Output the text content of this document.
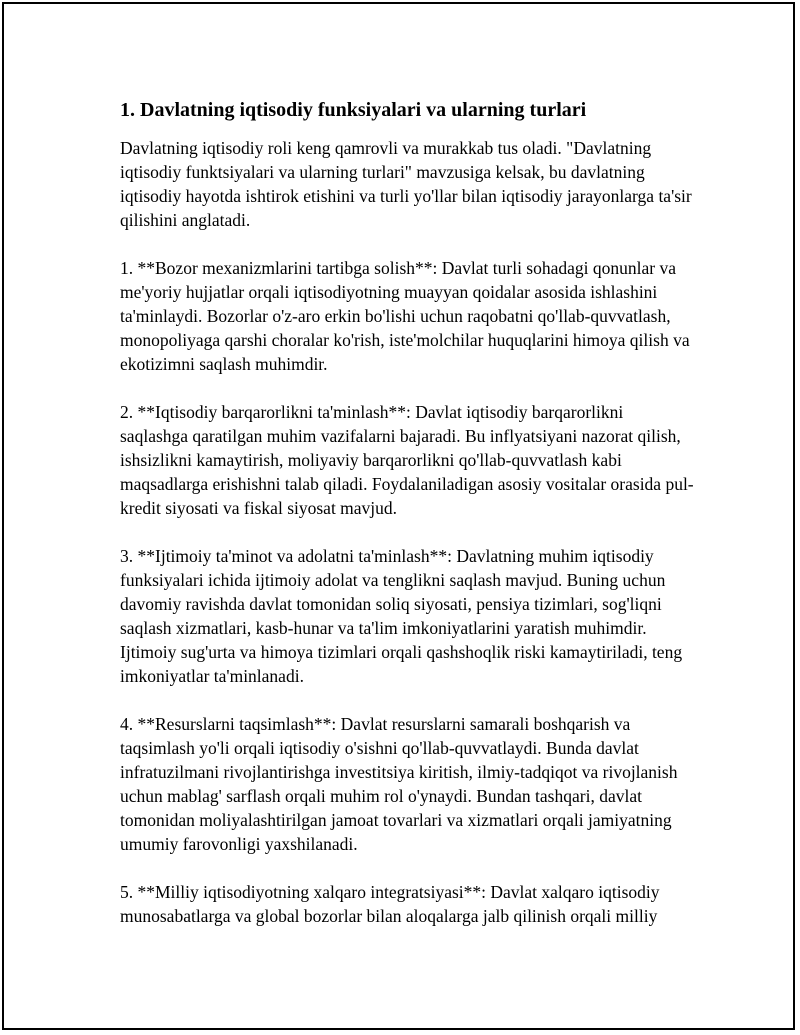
1. Davlatning iqtisodiy funksiyalari va ularning turlari

Davlatning iqtisodiy roli keng qamrovli va murakkab tus oladi. "Davlatning iqtisodiy funktsiyalari va ularning turlari" mavzusiga kelsak, bu davlatning iqtisodiy hayotda ishtirok etishini va turli yo'llar bilan iqtisodiy jarayonlarga ta'sir qilishini anglatadi.

1. **Bozor mexanizmlarini tartibga solish**: Davlat turli sohadagi qonunlar va me'yoriy hujjatlar orqali iqtisodiyotning muayyan qoidalar asosida ishlashini ta'minlaydi. Bozorlar o'z-aro erkin bo'lishi uchun raqobatni qo'llab-quvvatlash, monopoliyaga qarshi choralar ko'rish, iste'molchilar huquqlarini himoya qilish va ekotizimni saqlash muhimdir.

2. **Iqtisodiy barqarorlikni ta'minlash**: Davlat iqtisodiy barqarorlikni saqlashga qaratilgan muhim vazifalarni bajaradi. Bu inflyatsiyani nazorat qilish, ishsizlikni kamaytirish, moliyaviy barqarorlikni qo'llab-quvvatlash kabi maqsadlarga erishishni talab qiladi. Foydalaniladigan asosiy vositalar orasida pul-kredit siyosati va fiskal siyosat mavjud.

3. **Ijtimoiy ta'minot va adolatni ta'minlash**: Davlatning muhim iqtisodiy funksiyalari ichida ijtimoiy adolat va tenglikni saqlash mavjud. Buning uchun davomiy ravishda davlat tomonidan soliq siyosati, pensiya tizimlari, sog'liqni saqlash xizmatlari, kasb-hunar va ta'lim imkoniyatlarini yaratish muhimdir. Ijtimoiy sug'urta va himoya tizimlari orqali qashshoqlik riski kamaytiriladi, teng imkoniyatlar ta'minlanadi.

4. **Resurslarni taqsimlash**: Davlat resurslarni samarali boshqarish va taqsimlash yo'li orqali iqtisodiy o'sishni qo'llab-quvvatlaydi. Bunda davlat infratuzilmani rivojlantirishga investitsiya kiritish, ilmiy-tadqiqot va rivojlanish uchun mablag' sarflash orqali muhim rol o'ynaydi. Bundan tashqari, davlat tomonidan moliyalashtirilgan jamoat tovarlari va xizmatlari orqali jamiyatning umumiy farovonligi yaxshilanadi.

5. **Milliy iqtisodiyotning xalqaro integratsiyasi**: Davlat xalqaro iqtisodiy munosabatlarga va global bozorlar bilan aloqalarga jalb qilinish orqali milliy
